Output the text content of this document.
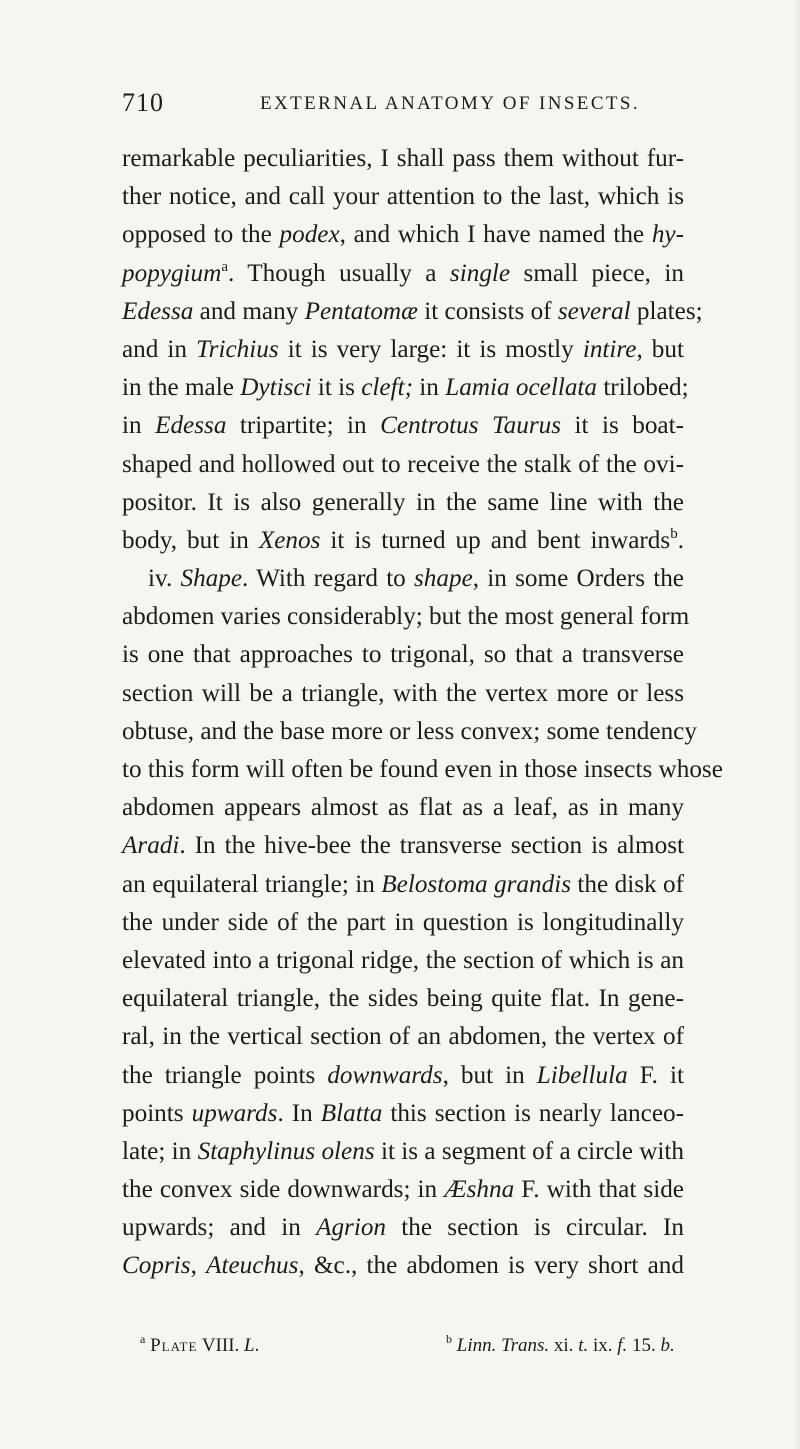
710	EXTERNAL ANATOMY OF INSECTS.
remarkable peculiarities, I shall pass them without fur-
ther notice, and call your attention to the last, which is
opposed to the podex, and which I have named the hy-
popygium$^a$. Though usually a single small piece, in
Edessa and many Pentatomæ it consists of several plates;
and in Trichius it is very large: it is mostly intire, but
in the male Dytisci it is cleft; in Lamia ocellata trilobed;
in Edessa tripartite; in Centrotus Taurus it is boat-
shaped and hollowed out to receive the stalk of the ovi-
positor. It is also generally in the same line with the
body, but in Xenos it is turned up and bent inwards$^b$.
iv. Shape. With regard to shape, in some Orders the
abdomen varies considerably; but the most general form
is one that approaches to trigonal, so that a transverse
section will be a triangle, with the vertex more or less
obtuse, and the base more or less convex; some tendency
to this form will often be found even in those insects whose
abdomen appears almost as flat as a leaf, as in many
Aradi. In the hive-bee the transverse section is almost
an equilateral triangle; in Belostoma grandis the disk of
the under side of the part in question is longitudinally
elevated into a trigonal ridge, the section of which is an
equilateral triangle, the sides being quite flat. In gene-
ral, in the vertical section of an abdomen, the vertex of
the triangle points downwards, but in Libellula F. it
points upwards. In Blatta this section is nearly lanceo-
late; in Staphylinus olens it is a segment of a circle with
the convex side downwards; in Æshna F. with that side
upwards; and in Agrion the section is circular. In
Copris, Ateuchus, &c., the abdomen is very short and
$^a$ Plate VIII. L.	$^b$ Linn. Trans. xi. t. ix. f. 15. b.
